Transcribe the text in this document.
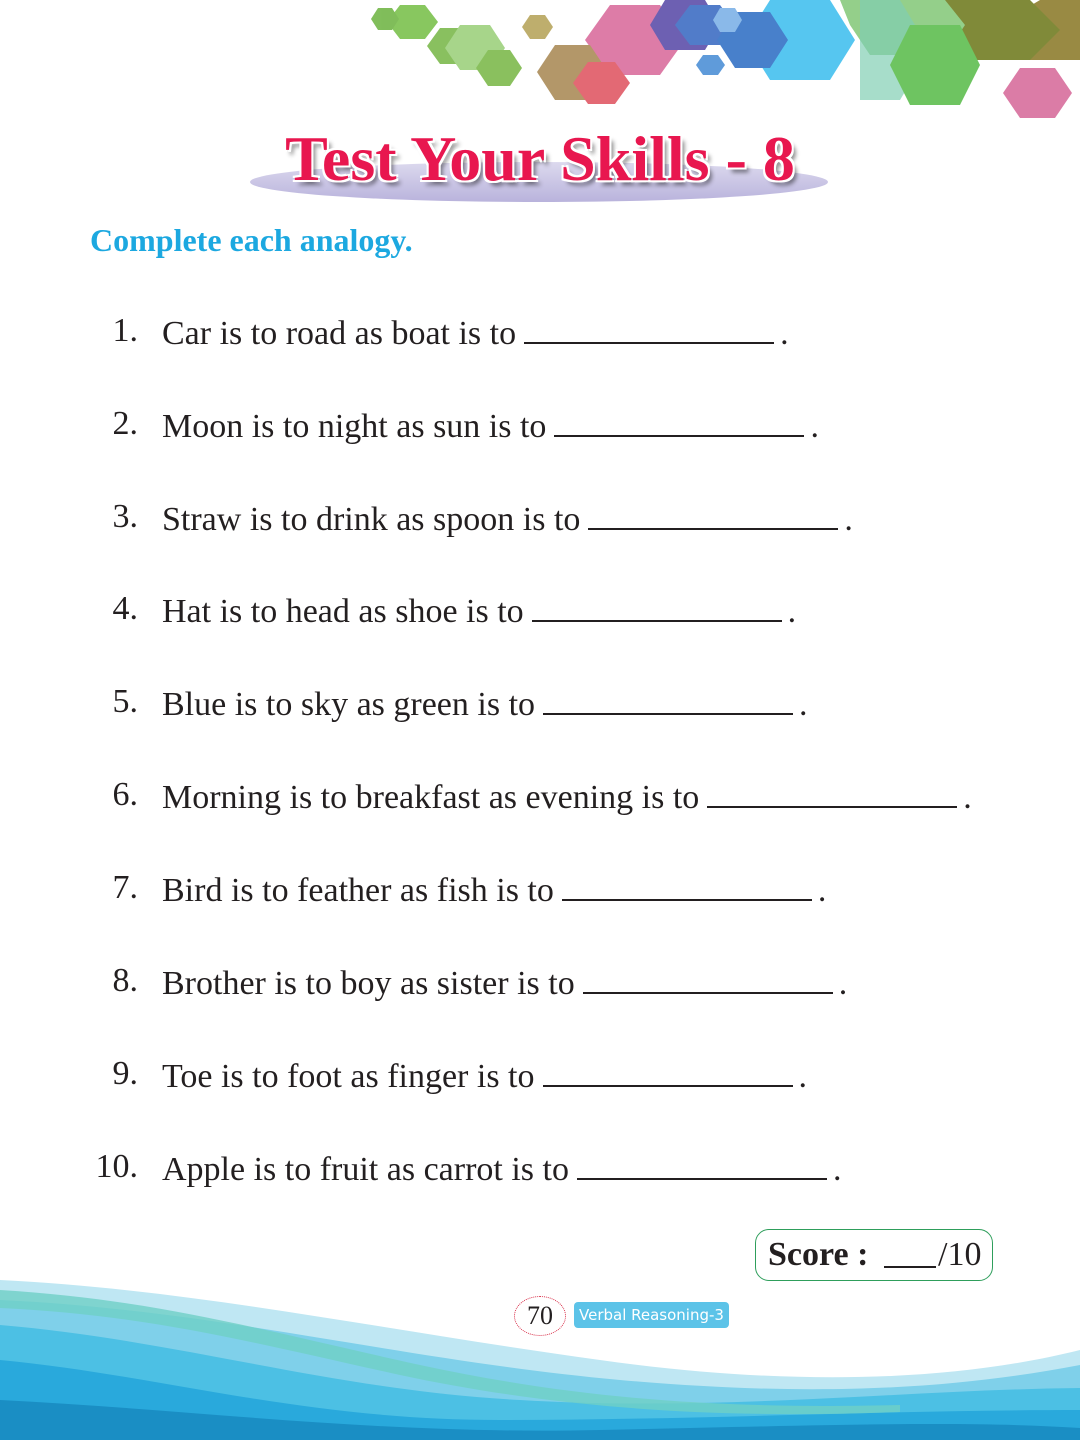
Test Your Skills - 8
Complete each analogy.
1. Car is to road as boat is to	.
2. Moon is to night as sun is to	.
3. Straw is to drink as spoon is to	.
4. Hat is to head as shoe is to	.
5. Blue is to sky as green is to	.
6. Morning is to breakfast as evening is to	.
7. Bird is to feather as fish is to	.
8. Brother is to boy as sister is to	.
9. Toe is to foot as finger is to	.
10. Apple is to fruit as carrot is to	.
Score : /10
70	Verbal Reasoning-3
